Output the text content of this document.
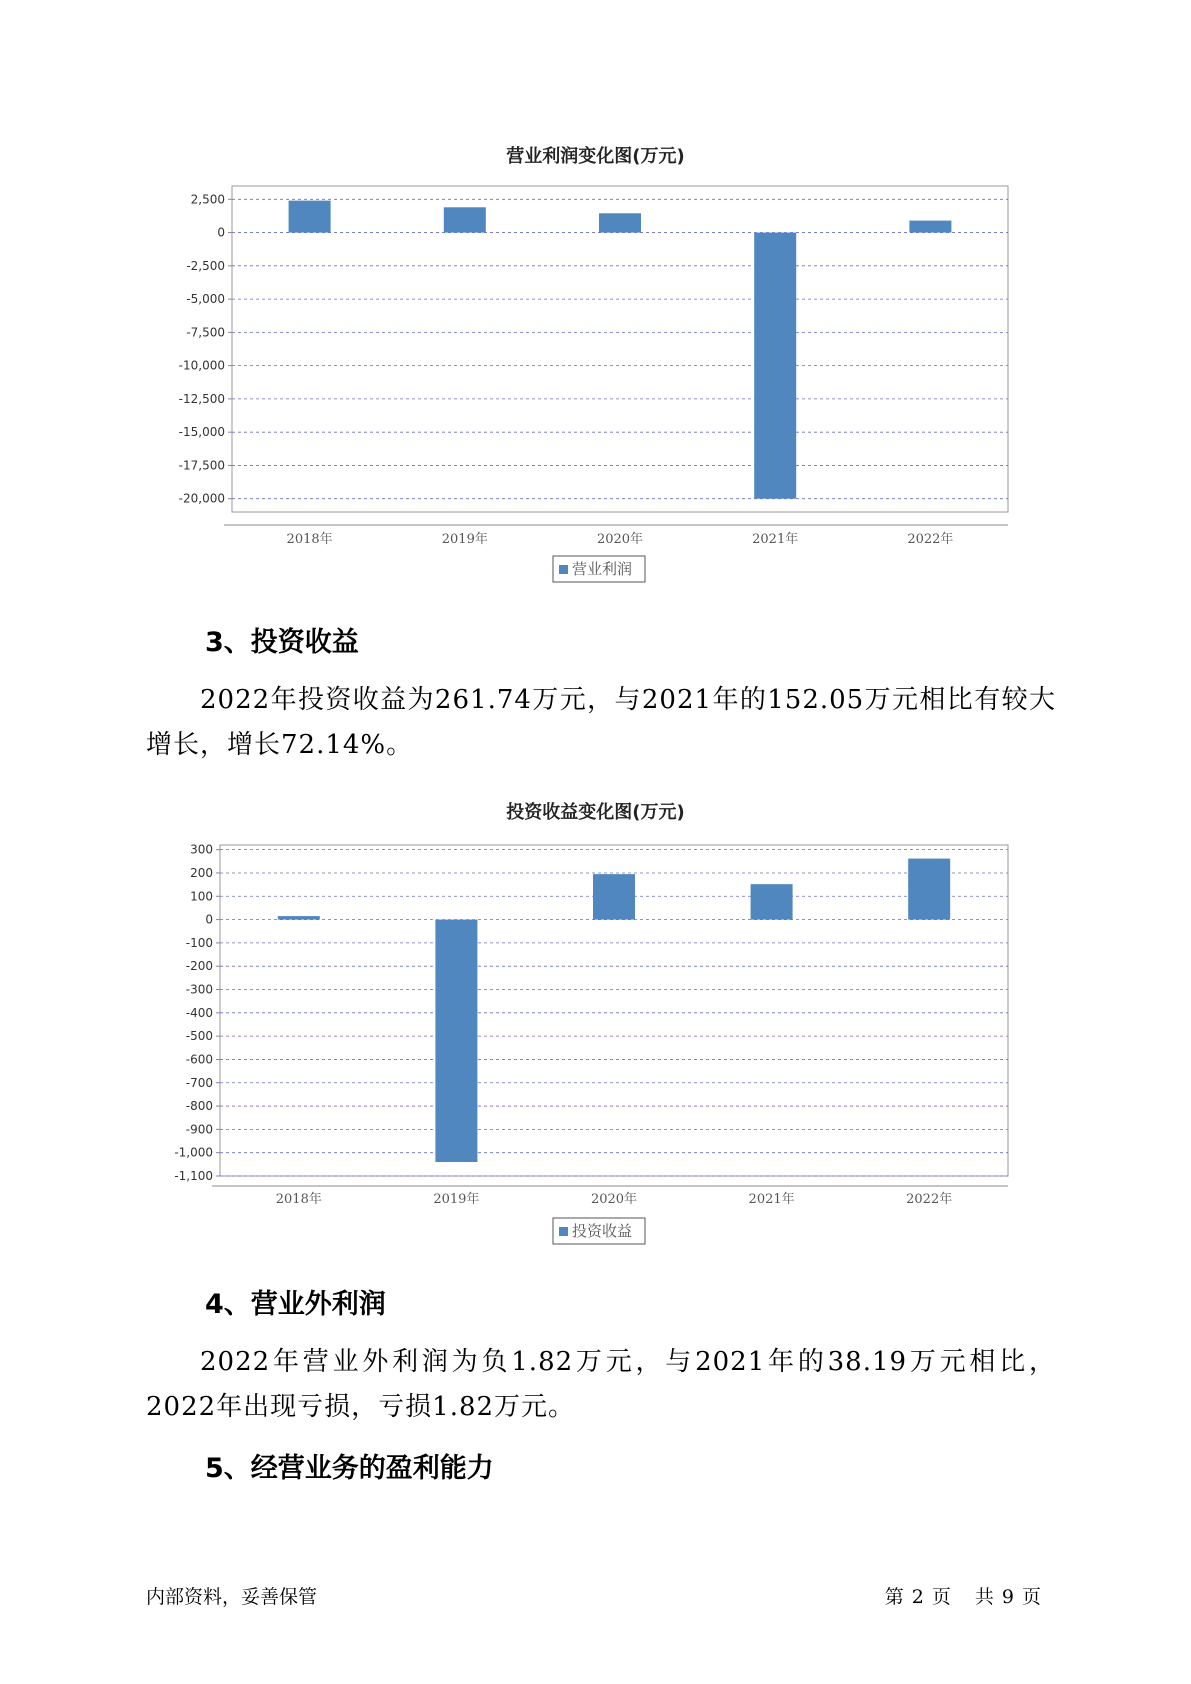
营业利润变化图(万元)
2,500
0
-2,500
-5,000
-7,500
-10,000
-12,500
-15,000
-17,500
-20,000
2018年	2019年	2020年	2021年	2022年
营业利润
3、投资收益
2022年投资收益为261.74万元，与2021年的152.05万元相比有较大增长，增长72.14%。
投资收益变化图(万元)
300
200
100
0
-100
-200
-300
-400
-500
-600
-700
-800
-900
-1,000
-1,100
2018年	2019年	2020年	2021年	2022年
投资收益
4、营业外利润
2022年营业外利润为负1.82万元，与2021年的38.19万元相比，2022年出现亏损，亏损1.82万元。
5、经营业务的盈利能力
内部资料，妥善保管	第 2 页 共 9 页
